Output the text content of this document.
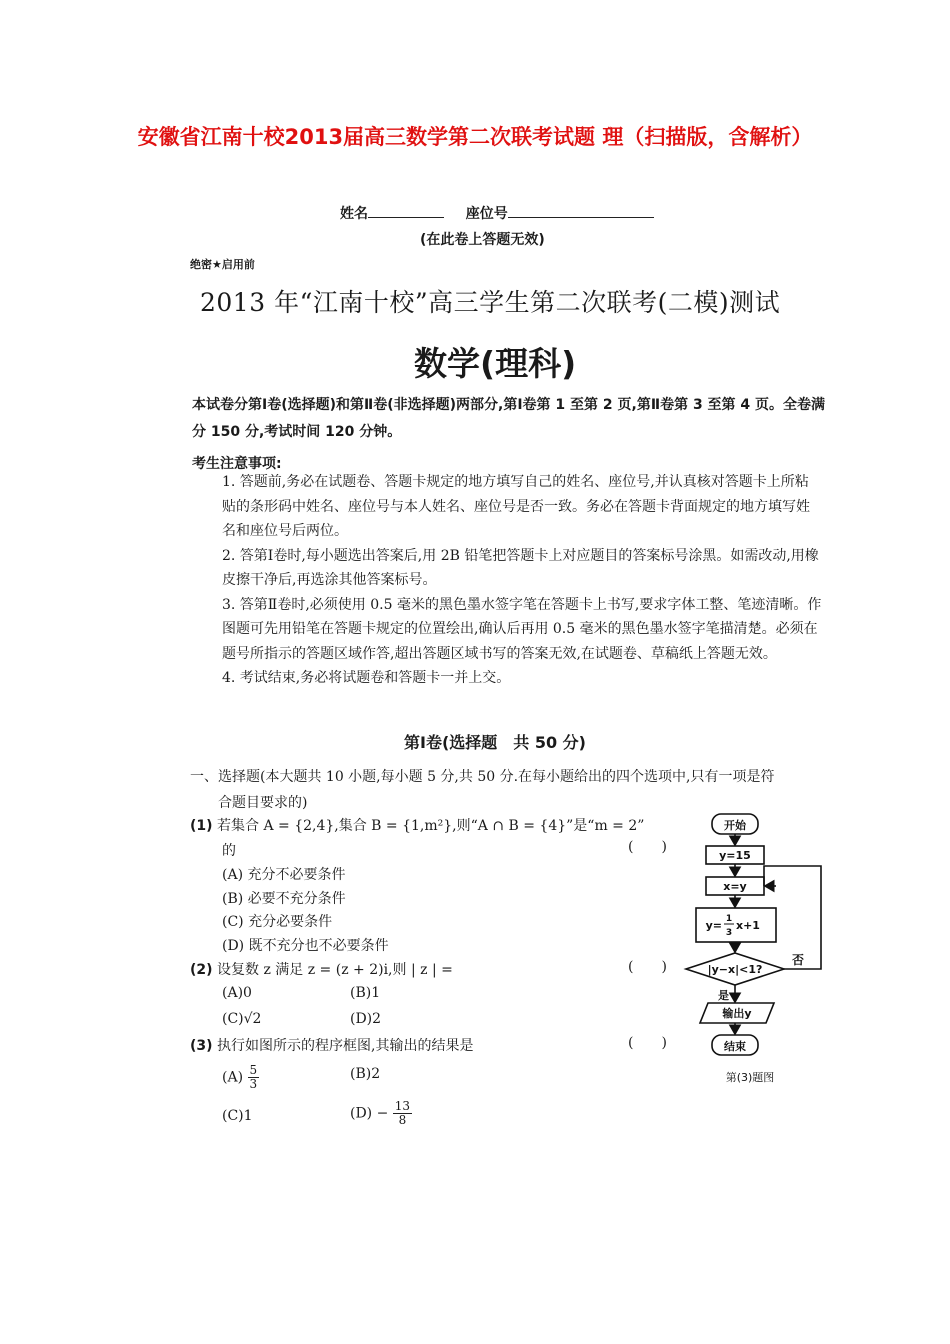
安徽省江南十校2013届高三数学第二次联考试题 理（扫描版，含解析）
姓名	座位号
(在此卷上答题无效)
绝密★启用前
2013 年“江南十校”高三学生第二次联考(二模)测试
数学(理科)
本试卷分第Ⅰ卷(选择题)和第Ⅱ卷(非选择题)两部分,第Ⅰ卷第 1 至第 2 页,第Ⅱ卷第 3 至第 4 页。全卷满分 150 分,考试时间 120 分钟。
考生注意事项:

1. 答题前,务必在试题卷、答题卡规定的地方填写自己的姓名、座位号,并认真核对答题卡上所粘贴的条形码中姓名、座位号与本人姓名、座位号是否一致。务必在答题卡背面规定的地方填写姓名和座位号后两位。

2. 答第Ⅰ卷时,每小题选出答案后,用 2B 铅笔把答题卡上对应题目的答案标号涂黑。如需改动,用橡皮擦干净后,再选涂其他答案标号。

3. 答第Ⅱ卷时,必须使用 0.5 毫米的黑色墨水签字笔在答题卡上书写,要求字体工整、笔迹清晰。作图题可先用铅笔在答题卡规定的位置绘出,确认后再用 0.5 毫米的黑色墨水签字笔描清楚。必须在题号所指示的答题区域作答,超出答题区域书写的答案无效,在试题卷、草稿纸上答题无效。

4. 考试结束,务必将试题卷和答题卡一并上交。

第Ⅰ卷(选择题　共 50 分)
一、选择题(本大题共 10 小题,每小题 5 分,共 50 分.在每小题给出的四个选项中,只有一项是符
合题目要求的)
(1) 若集合 A = {2,4},集合 B = {1,m²},则“A ∩ B = {4}”是“m = 2”
的	(　　)
(A) 充分不必要条件
(B) 必要不充分条件
(C) 充分必要条件
(D) 既不充分也不必要条件
(2) 设复数 z 满足 z = (z + 2)i,则 | z | =	(　　)
(A)0	(B)1
(C)√2	(D)2
(3) 执行如图所示的程序框图,其输出的结果是	(　　)
$(A) \frac{5}{3}$	(B)2
(C)1	$(D) - \frac{13}{8}$
开始
y=15
x=y
y= 1
3
x+1
|y−x|<1?
否
是
输出y
结束
第(3)题图
